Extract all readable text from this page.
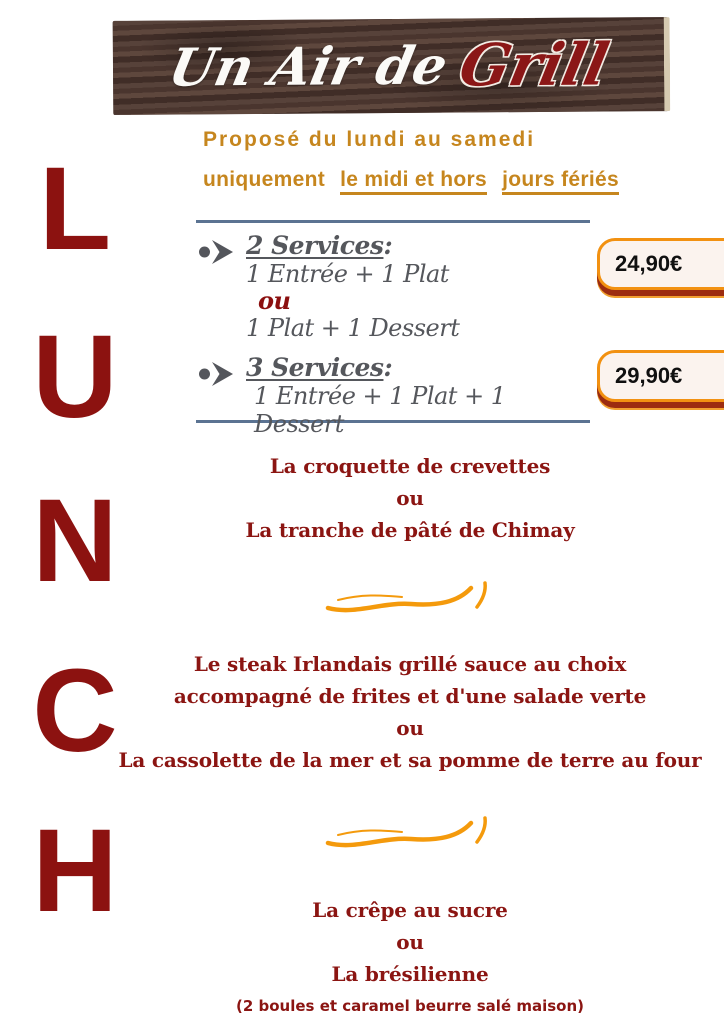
Un Air de Grill
L
U
N
C
H
Proposé du lundi au samedi
uniquement le midi et hors jours fériés
2 Services:
1 Entrée + 1 Plat
ou
1 Plat + 1 Dessert
3 Services:
1 Entrée + 1 Plat + 1 Dessert
24,90€
29,90€
La croquette de crevettes
ou
La tranche de pâté de Chimay
Le steak Irlandais grillé sauce au choix
accompagné de frites et d'une salade verte
ou
La cassolette de la mer et sa pomme de terre au four
La crêpe au sucre
ou
La brésilienne
(2 boules et caramel beurre salé maison)
